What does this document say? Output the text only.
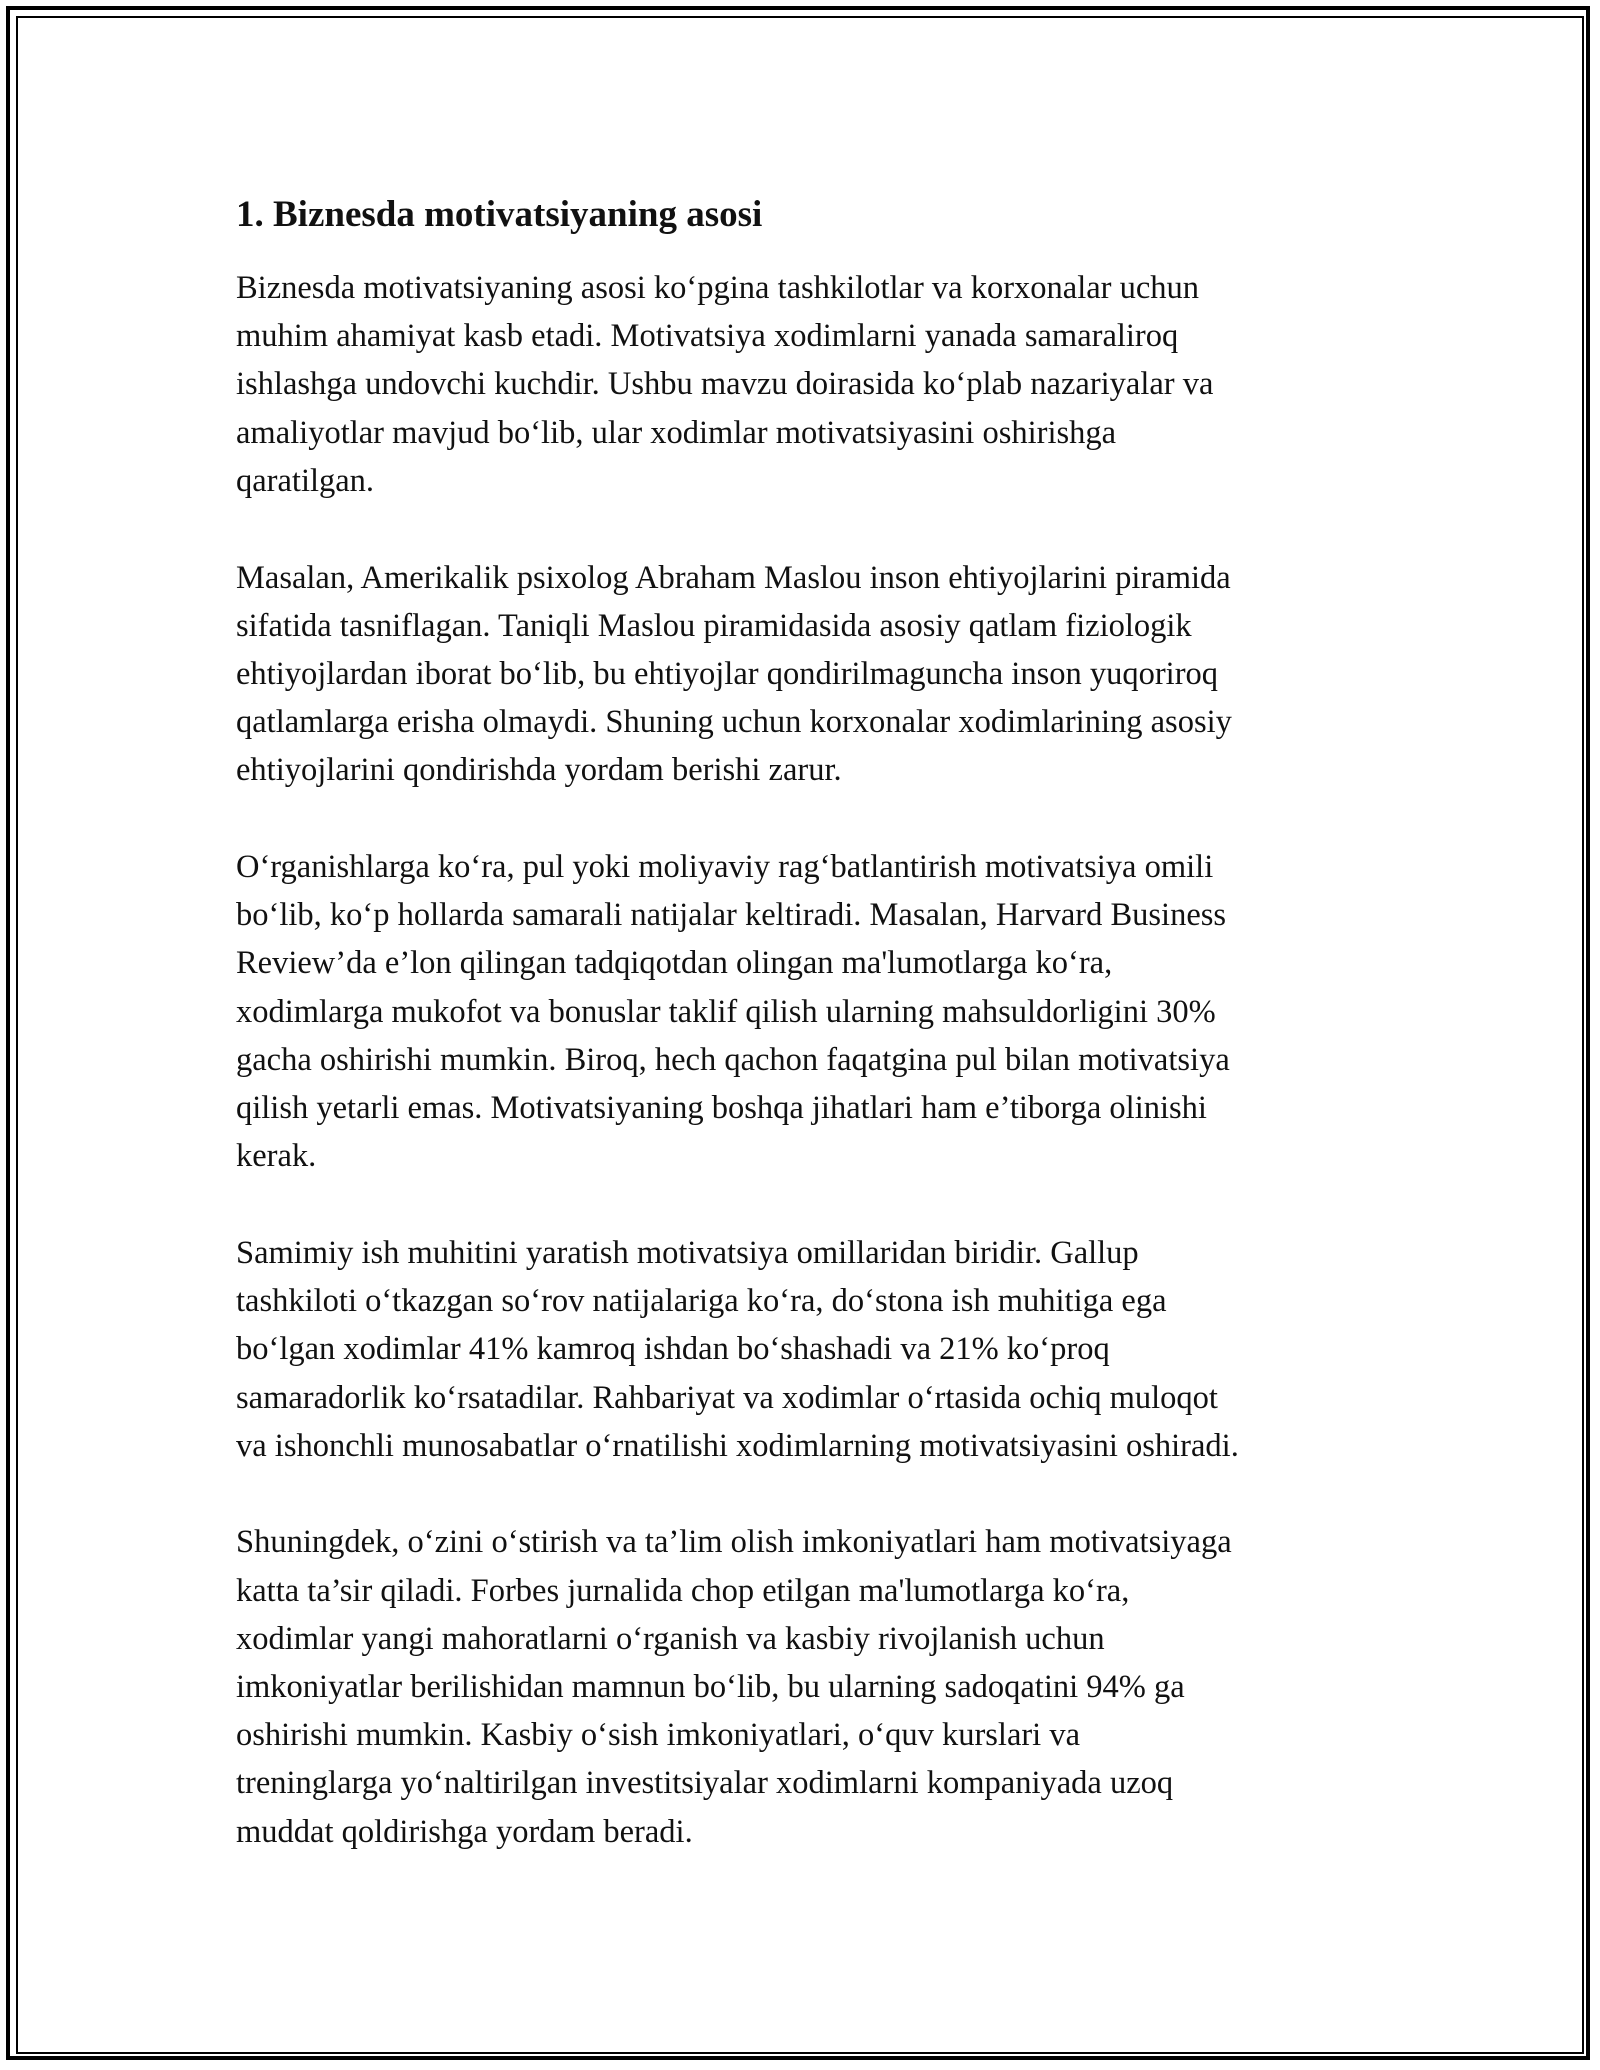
1. Biznesda motivatsiyaning asosi

Biznesda motivatsiyaning asosi koʻpgina tashkilotlar va korxonalar uchun
muhim ahamiyat kasb etadi. Motivatsiya xodimlarni yanada samaraliroq
ishlashga undovchi kuchdir. Ushbu mavzu doirasida koʻplab nazariyalar va
amaliyotlar mavjud boʻlib, ular xodimlar motivatsiyasini oshirishga
qaratilgan.

Masalan, Amerikalik psixolog Abraham Maslou inson ehtiyojlarini piramida
sifatida tasniflagan. Taniqli Maslou piramidasida asosiy qatlam fiziologik
ehtiyojlardan iborat boʻlib, bu ehtiyojlar qondirilmaguncha inson yuqoriroq
qatlamlarga erisha olmaydi. Shuning uchun korxonalar xodimlarining asosiy
ehtiyojlarini qondirishda yordam berishi zarur.

Oʻrganishlarga koʻra, pul yoki moliyaviy ragʻbatlantirish motivatsiya omili
boʻlib, koʻp hollarda samarali natijalar keltiradi. Masalan, Harvard Business
Review’da e’lon qilingan tadqiqotdan olingan ma'lumotlarga koʻra,
xodimlarga mukofot va bonuslar taklif qilish ularning mahsuldorligini 30%
gacha oshirishi mumkin. Biroq, hech qachon faqatgina pul bilan motivatsiya
qilish yetarli emas. Motivatsiyaning boshqa jihatlari ham e’tiborga olinishi
kerak.

Samimiy ish muhitini yaratish motivatsiya omillaridan biridir. Gallup
tashkiloti oʻtkazgan soʻrov natijalariga koʻra, doʻstona ish muhitiga ega
boʻlgan xodimlar 41% kamroq ishdan boʻshashadi va 21% koʻproq
samaradorlik koʻrsatadilar. Rahbariyat va xodimlar oʻrtasida ochiq muloqot
va ishonchli munosabatlar oʻrnatilishi xodimlarning motivatsiyasini oshiradi.

Shuningdek, oʻzini oʻstirish va ta’lim olish imkoniyatlari ham motivatsiyaga
katta ta’sir qiladi. Forbes jurnalida chop etilgan ma'lumotlarga koʻra,
xodimlar yangi mahoratlarni oʻrganish va kasbiy rivojlanish uchun
imkoniyatlar berilishidan mamnun boʻlib, bu ularning sadoqatini 94% ga
oshirishi mumkin. Kasbiy oʻsish imkoniyatlari, oʻquv kurslari va
treninglarga yoʻnaltirilgan investitsiyalar xodimlarni kompaniyada uzoq
muddat qoldirishga yordam beradi.
